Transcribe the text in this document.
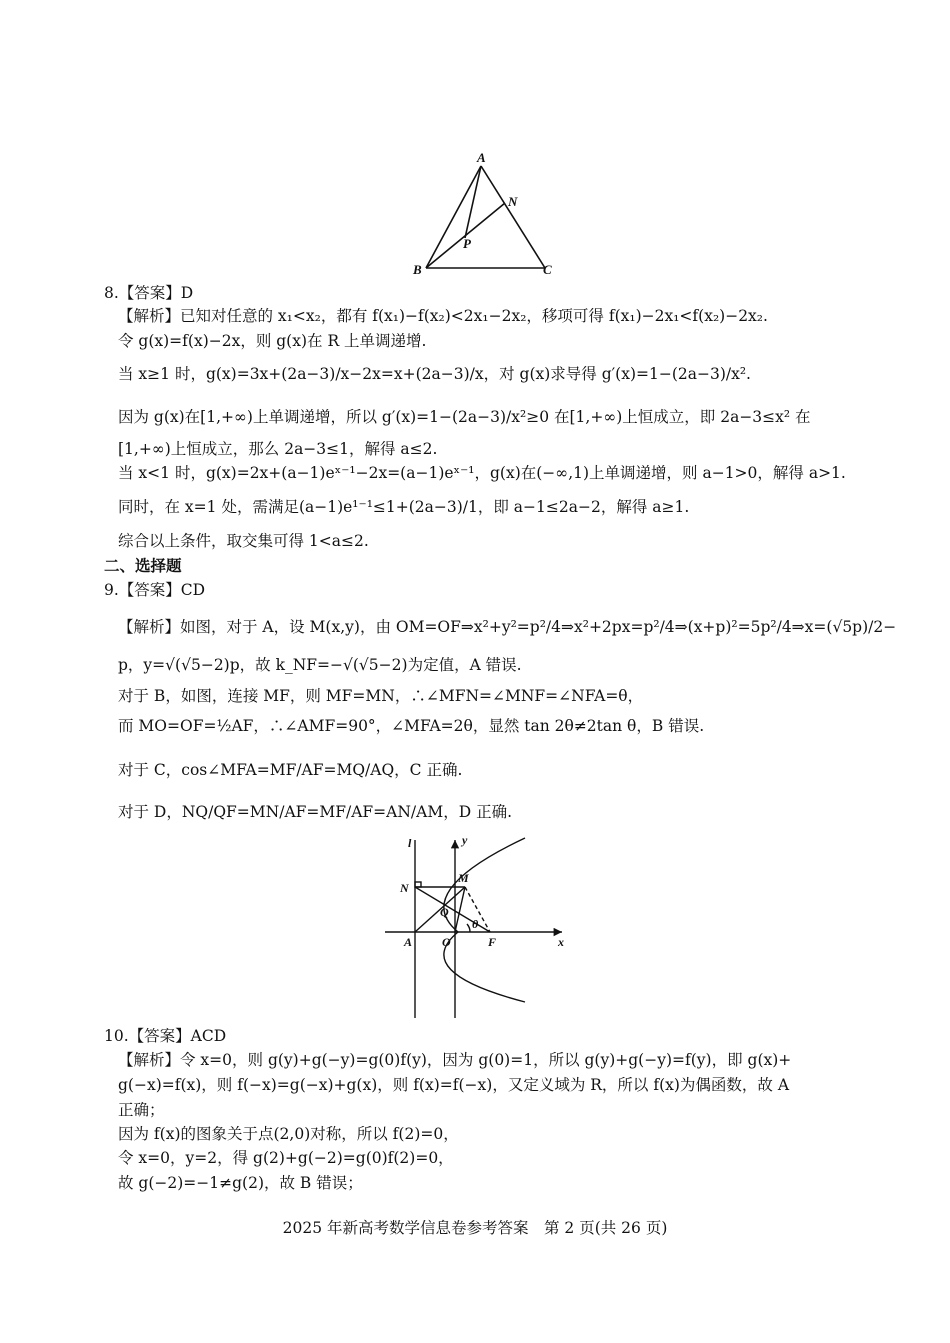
A
N
P
B	C
8.【答案】D
【解析】已知对任意的 x₁<x₂，都有 f(x₁)−f(x₂)<2x₁−2x₂，移项可得 f(x₁)−2x₁<f(x₂)−2x₂.
令 g(x)=f(x)−2x，则 g(x)在 R 上单调递增.
当 x≥1 时，g(x)=3x+(2a−3)/x−2x=x+(2a−3)/x，对 g(x)求导得 g′(x)=1−(2a−3)/x².
因为 g(x)在[1,+∞)上单调递增，所以 g′(x)=1−(2a−3)/x²≥0 在[1,+∞)上恒成立，即 2a−3≤x² 在
[1,+∞)上恒成立，那么 2a−3≤1，解得 a≤2.
当 x<1 时，g(x)=2x+(a−1)eˣ⁻¹−2x=(a−1)eˣ⁻¹，g(x)在(−∞,1)上单调递增，则 a−1>0，解得 a>1.
同时，在 x=1 处，需满足(a−1)e¹⁻¹≤1+(2a−3)/1，即 a−1≤2a−2，解得 a≥1.
综合以上条件，取交集可得 1<a≤2.
二、选择题
9.【答案】CD
【解析】如图，对于 A，设 M(x,y)，由 OM=OF⇒x²+y²=p²/4⇒x²+2px=p²/4⇒(x+p)²=5p²/4⇒x=(√5p)/2−
p，y=√(√5−2)p，故 k_NF=−√(√5−2)为定值，A 错误.
对于 B，如图，连接 MF，则 MF=MN，∴∠MFN=∠MNF=∠NFA=θ，
而 MO=OF=½AF，∴∠AMF=90°，∠MFA=2θ，显然 tan 2θ≠2tan θ，B 错误.
对于 C，cos∠MFA=MF/AF=MQ/AQ，C 正确.
对于 D，NQ/QF=MN/AF=MF/AF=AN/AM，D 正确.
l	y
N
M
Q
θ
A O	F	x
10.【答案】ACD
【解析】令 x=0，则 g(y)+g(−y)=g(0)f(y)，因为 g(0)=1，所以 g(y)+g(−y)=f(y)，即 g(x)+
g(−x)=f(x)，则 f(−x)=g(−x)+g(x)，则 f(x)=f(−x)，又定义域为 R，所以 f(x)为偶函数，故 A
正确；
因为 f(x)的图象关于点(2,0)对称，所以 f(2)=0，
令 x=0，y=2，得 g(2)+g(−2)=g(0)f(2)=0，
故 g(−2)=−1≠g(2)，故 B 错误；
2025 年新高考数学信息卷参考答案　第 2 页(共 26 页)
